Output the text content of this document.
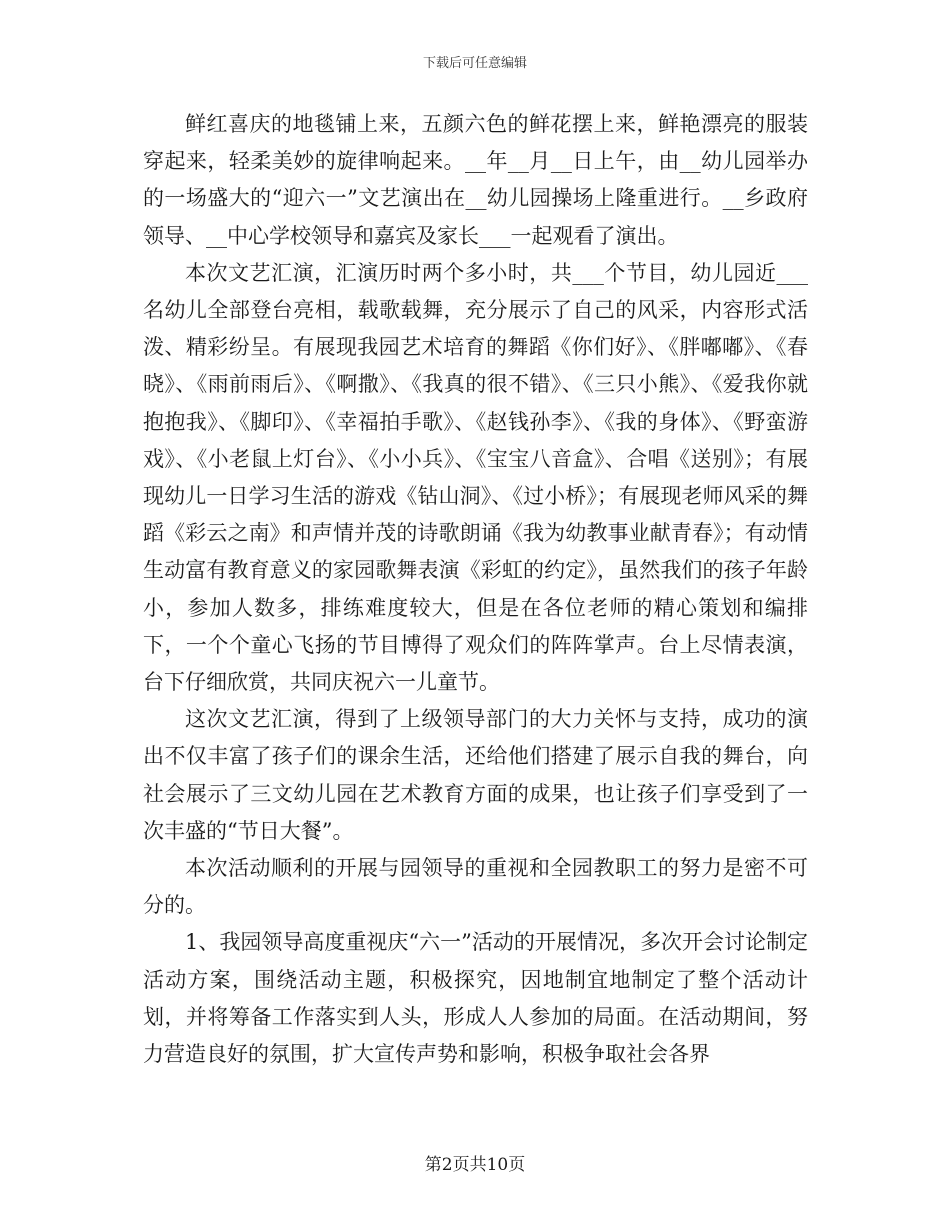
下载后可任意编辑

鲜红喜庆的地毯铺上来，五颜六色的鲜花摆上来，鲜艳漂亮的服装穿起来，轻柔美妙的旋律响起来。__年__月__日上午，由__幼儿园举办的一场盛大的“迎六一”文艺演出在__幼儿园操场上隆重进行。__乡政府领导、__中心学校领导和嘉宾及家长___一起观看了演出。

本次文艺汇演，汇演历时两个多小时，共___个节目，幼儿园近___名幼儿全部登台亮相，载歌载舞，充分展示了自己的风采，内容形式活泼、精彩纷呈。有展现我园艺术培育的舞蹈《你们好》、《胖嘟嘟》、《春晓》、《雨前雨后》、《啊撒》、《我真的很不错》、《三只小熊》、《爱我你就抱抱我》、《脚印》、《幸福拍手歌》、《赵钱孙李》、《我的身体》、《野蛮游戏》、《小老鼠上灯台》、《小小兵》、《宝宝八音盒》、合唱《送别》；有展现幼儿一日学习生活的游戏《钻山洞》、《过小桥》；有展现老师风采的舞蹈《彩云之南》和声情并茂的诗歌朗诵《我为幼教事业献青春》；有动情生动富有教育意义的家园歌舞表演《彩虹的约定》，虽然我们的孩子年龄小，参加人数多，排练难度较大，但是在各位老师的精心策划和编排下，一个个童心飞扬的节目博得了观众们的阵阵掌声。台上尽情表演，台下仔细欣赏，共同庆祝六一儿童节。

这次文艺汇演，得到了上级领导部门的大力关怀与支持，成功的演出不仅丰富了孩子们的课余生活，还给他们搭建了展示自我的舞台，向社会展示了三文幼儿园在艺术教育方面的成果，也让孩子们享受到了一次丰盛的“节日大餐”。

本次活动顺利的开展与园领导的重视和全园教职工的努力是密不可分的。

1、我园领导高度重视庆“六一”活动的开展情况，多次开会讨论制定活动方案，围绕活动主题，积极探究，因地制宜地制定了整个活动计划，并将筹备工作落实到人头，形成人人参加的局面。在活动期间，努力营造良好的氛围，扩大宣传声势和影响，积极争取社会各界

第2页共10页
